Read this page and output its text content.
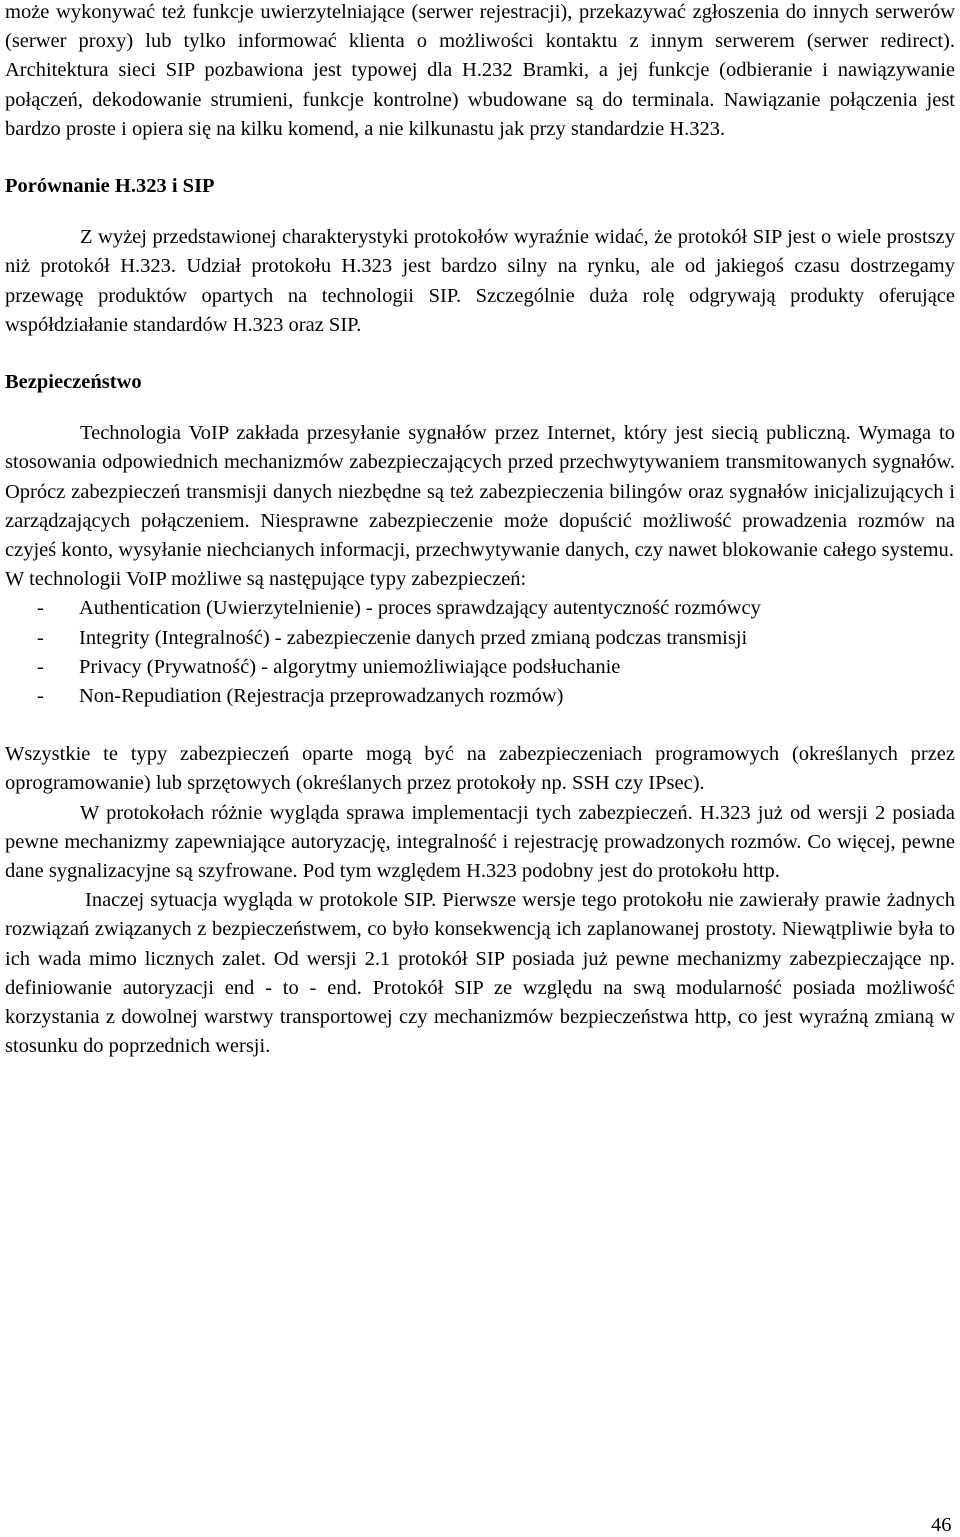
może wykonywać też funkcje uwierzytelniające (serwer rejestracji), przekazywać zgłoszenia do innych serwerów (serwer proxy) lub tylko informować klienta o możliwości kontaktu z innym serwerem (serwer redirect). Architektura sieci SIP pozbawiona jest typowej dla H.232 Bramki, a jej funkcje (odbieranie i nawiązywanie połączeń, dekodowanie strumieni, funkcje kontrolne) wbudowane są do terminala. Nawiązanie połączenia jest bardzo proste i opiera się na kilku komend, a nie kilkunastu jak przy standardzie H.323.

Porównanie H.323 i SIP

Z wyżej przedstawionej charakterystyki protokołów wyraźnie widać, że protokół SIP jest o wiele prostszy niż protokół H.323. Udział protokołu H.323 jest bardzo silny na rynku, ale od jakiegoś czasu dostrzegamy przewagę produktów opartych na technologii SIP. Szczególnie duża rolę odgrywają produkty oferujące współdziałanie standardów H.323 oraz SIP.

Bezpieczeństwo

Technologia VoIP zakłada przesyłanie sygnałów przez Internet, który jest siecią publiczną. Wymaga to stosowania odpowiednich mechanizmów zabezpieczających przed przechwytywaniem transmitowanych sygnałów. Oprócz zabezpieczeń transmisji danych niezbędne są też zabezpieczenia bilingów oraz sygnałów inicjalizujących i zarządzających połączeniem. Niesprawne zabezpieczenie może dopuścić możliwość prowadzenia rozmów na czyjeś konto, wysyłanie niechcianych informacji, przechwytywanie danych, czy nawet blokowanie całego systemu.

W technologii VoIP możliwe są następujące typy zabezpieczeń:

- Authentication (Uwierzytelnienie) - proces sprawdzający autentyczność rozmówcy
- Integrity (Integralność) - zabezpieczenie danych przed zmianą podczas transmisji
- Privacy (Prywatność) - algorytmy uniemożliwiające podsłuchanie
- Non-Repudiation (Rejestracja przeprowadzanych rozmów)

Wszystkie te typy zabezpieczeń oparte mogą być na zabezpieczeniach programowych (określanych przez oprogramowanie) lub sprzętowych (określanych przez protokoły np. SSH czy IPsec).

W protokołach różnie wygląda sprawa implementacji tych zabezpieczeń. H.323 już od wersji 2 posiada pewne mechanizmy zapewniające autoryzację, integralność i rejestrację prowadzonych rozmów. Co więcej, pewne dane sygnalizacyjne są szyfrowane. Pod tym względem H.323 podobny jest do protokołu http.

Inaczej sytuacja wygląda w protokole SIP. Pierwsze wersje tego protokołu nie zawierały prawie żadnych rozwiązań związanych z bezpieczeństwem, co było konsekwencją ich zaplanowanej prostoty. Niewątpliwie była to ich wada mimo licznych zalet. Od wersji 2.1 protokół SIP posiada już pewne mechanizmy zabezpieczające np. definiowanie autoryzacji end - to - end. Protokół SIP ze względu na swą modularność posiada możliwość korzystania z dowolnej warstwy transportowej czy mechanizmów bezpieczeństwa http, co jest wyraźną zmianą w stosunku do poprzednich wersji.

46
